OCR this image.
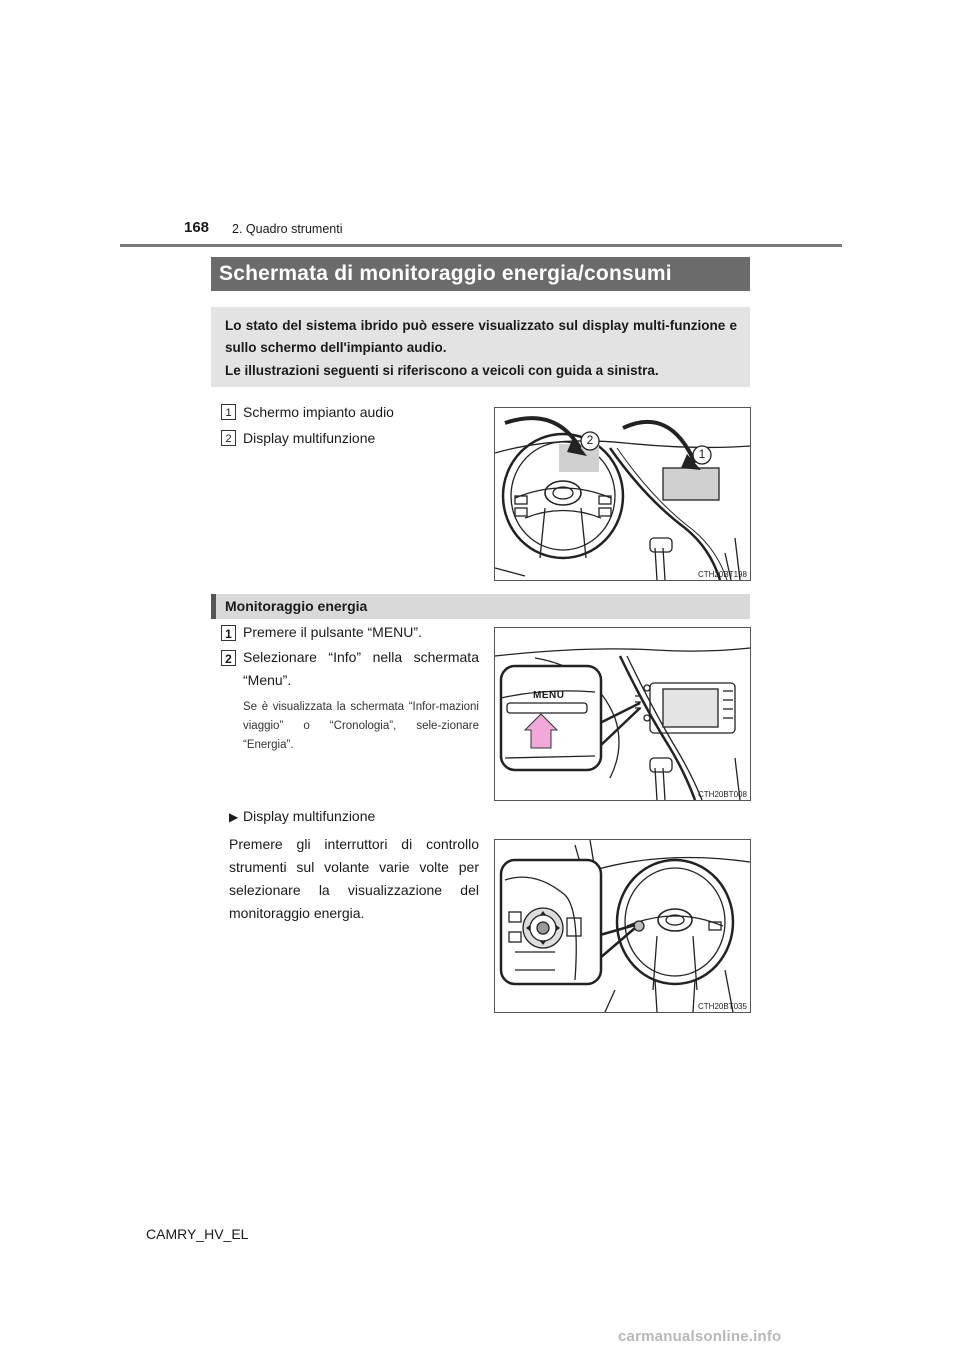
168 2. Quadro strumenti
Schermata di monitoraggio energia/consumi

Lo stato del sistema ibrido può essere visualizzato sul display multi-funzione e sullo schermo dell'impianto audio.

Le illustrazioni seguenti si riferiscono a veicoli con guida a sinistra.

1 Schermo impianto audio
2 Display multifunzione	2
1
CTH20BT198
Monitoraggio energia
1 Premere il pulsante “MENU”.
2 Selezionare “Info” nella schermata “Menu”.
Se è visualizzata la schermata “Infor-mazioni viaggio” o “Cronologia”, sele-zionare “Energia”.
MENU
CTH20BT008
▶ Display multifunzione
Premere gli interruttori di controllo strumenti sul volante varie volte per selezionare la visualizzazione del monitoraggio energia.
CTH20BT035
CAMRY_HV_EL
carmanualsonline.info
